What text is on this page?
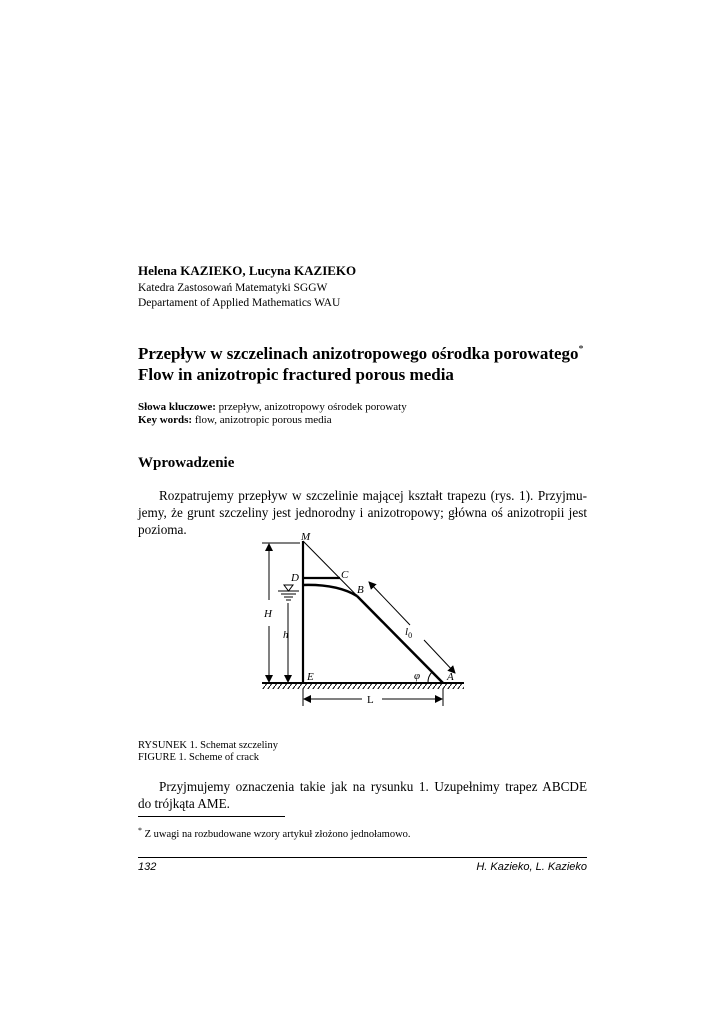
Helena KAZIEKO, Lucyna KAZIEKO
Katedra Zastosowań Matematyki SGGW
Departament of Applied Mathematics WAU
Przepływ w szczelinach anizotropowego ośrodka porowatego*
Flow in anizotropic fractured porous media
Słowa kluczowe: przepływ, anizotropowy ośrodek porowaty
Key words: flow, anizotropic porous media
Wprowadzenie
Rozpatrujemy przepływ w szczelinie mającej kształt trapezu (rys. 1). Przyjmu-
jemy, że grunt szczeliny jest jednorodny i anizotropowy; główna oś anizotropii jest
pozioma.	M
C
D
B
H
h	$l_0$
φ
E	A
L
RYSUNEK 1. Schemat szczeliny
FIGURE 1. Scheme of crack
Przyjmujemy oznaczenia takie jak na rysunku 1. Uzupełnimy trapez ABCDE
do trójkąta AME.
* Z uwagi na rozbudowane wzory artykuł złożono jednołamowo.
132	H. Kazieko, L. Kazieko
